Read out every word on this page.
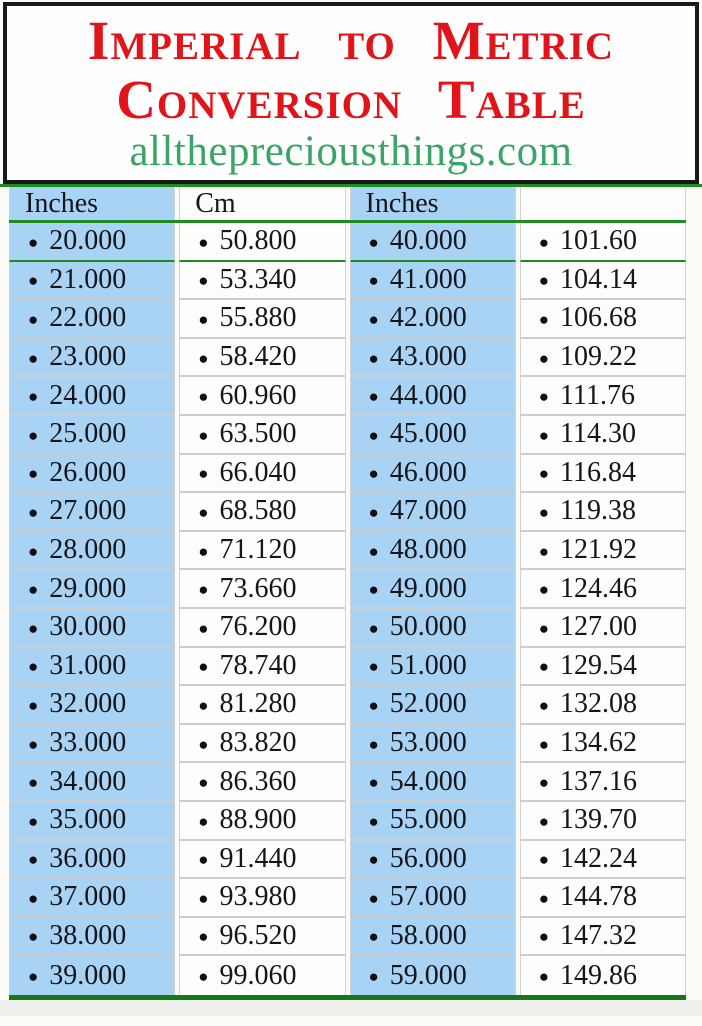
Imperial to Metric
Conversion Table
allthepreciousthings.com
Inches	Cm	Inches
● 20.000	● 50.800	● 40.000	● 101.60
● 21.000	● 53.340	● 41.000	● 104.14
● 22.000	● 55.880	● 42.000	● 106.68
● 23.000	● 58.420	● 43.000	● 109.22
● 24.000	● 60.960	● 44.000	● 111.76
● 25.000	● 63.500	● 45.000	● 114.30
● 26.000	● 66.040	● 46.000	● 116.84
● 27.000	● 68.580	● 47.000	● 119.38
● 28.000	● 71.120	● 48.000	● 121.92
● 29.000	● 73.660	● 49.000	● 124.46
● 30.000	● 76.200	● 50.000	● 127.00
● 31.000	● 78.740	● 51.000	● 129.54
● 32.000	● 81.280	● 52.000	● 132.08
● 33.000	● 83.820	● 53.000	● 134.62
● 34.000	● 86.360	● 54.000	● 137.16
● 35.000	● 88.900	● 55.000	● 139.70
● 36.000	● 91.440	● 56.000	● 142.24
● 37.000	● 93.980	● 57.000	● 144.78
● 38.000	● 96.520	● 58.000	● 147.32
● 39.000	● 99.060	● 59.000	● 149.86
